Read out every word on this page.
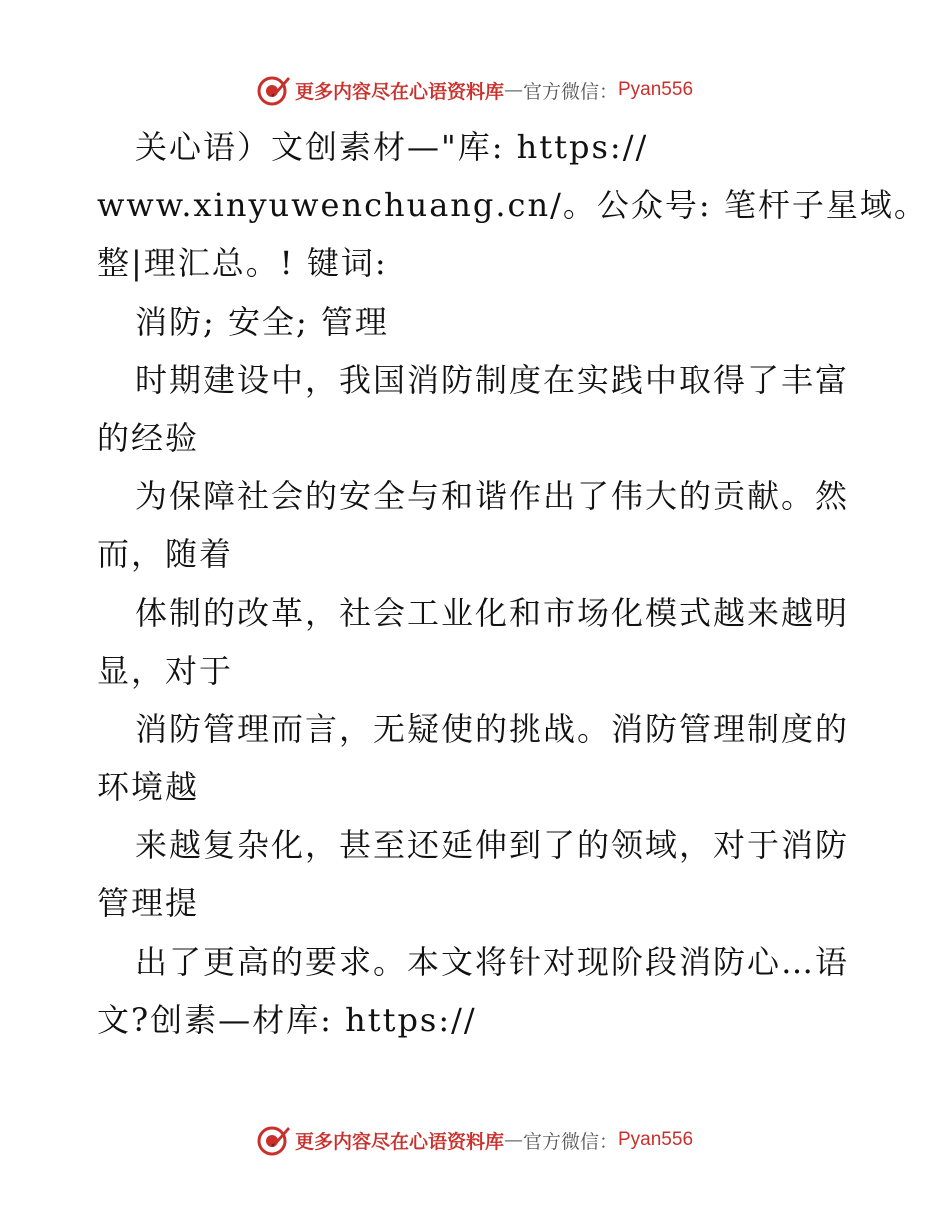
更多内容尽在心语资料库 — 官方微信： Pyan556
关心语）文创素材—"库: https://
www.xinyuwenchuang.cn/。公众号: 笔杆子星域。
整|理汇总。! 键词:
消防; 安全; 管理
时期建设中，我国消防制度在实践中取得了丰富
的经验
为保障社会的安全与和谐作出了伟大的贡献。然
而，随着
体制的改革，社会工业化和市场化模式越来越明
显，对于
消防管理而言，无疑使的挑战。消防管理制度的
环境越
来越复杂化，甚至还延伸到了的领域，对于消防
管理提
出了更高的要求。本文将针对现阶段消防心…语
文?创素—材库: https://
更多内容尽在心语资料库 — 官方微信： Pyan556
